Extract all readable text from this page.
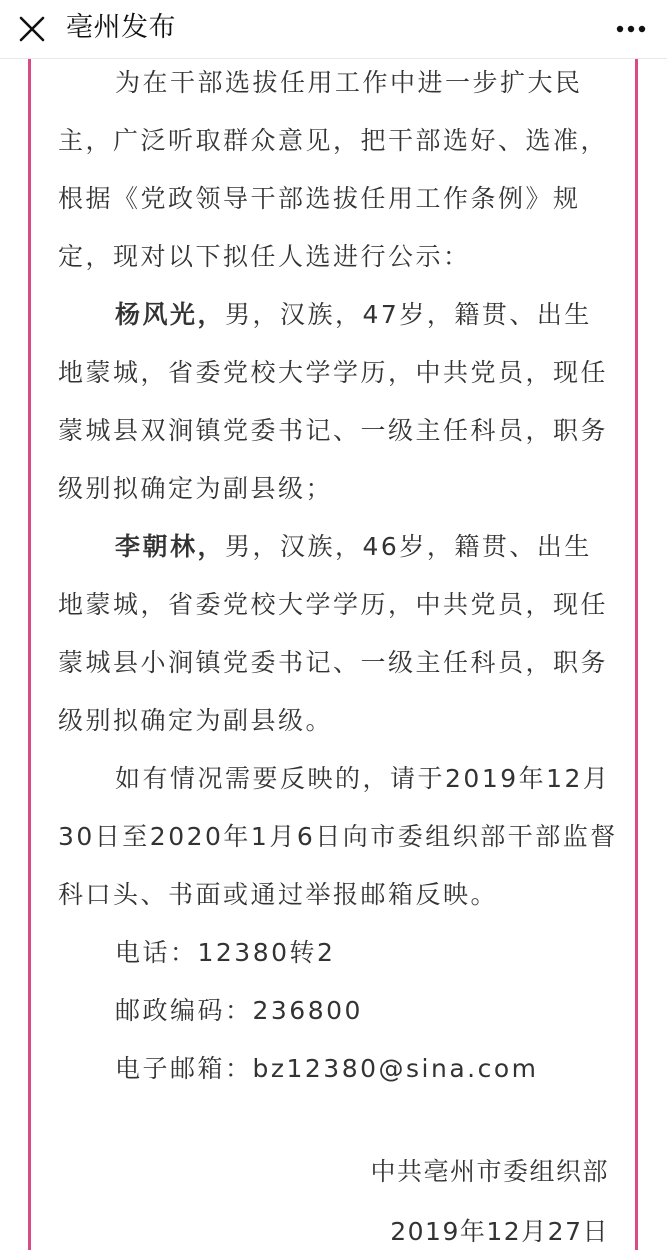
亳州发布
为在干部选拔任用工作中进一步扩大民
主，广泛听取群众意见，把干部选好、选准，
根据《党政领导干部选拔任用工作条例》规
定，现对以下拟任人选进行公示：
杨风光，男，汉族，47岁，籍贯、出生
地蒙城，省委党校大学学历，中共党员，现任
蒙城县双涧镇党委书记、一级主任科员，职务
级别拟确定为副县级；
李朝林，男，汉族，46岁，籍贯、出生
地蒙城，省委党校大学学历，中共党员，现任
蒙城县小涧镇党委书记、一级主任科员，职务
级别拟确定为副县级。
如有情况需要反映的，请于2019年12月
30日至2020年1月6日向市委组织部干部监督
科口头、书面或通过举报邮箱反映。
电话：12380转2
邮政编码：236800
电子邮箱：bz12380@sina.com
中共亳州市委组织部
2019年12月27日
